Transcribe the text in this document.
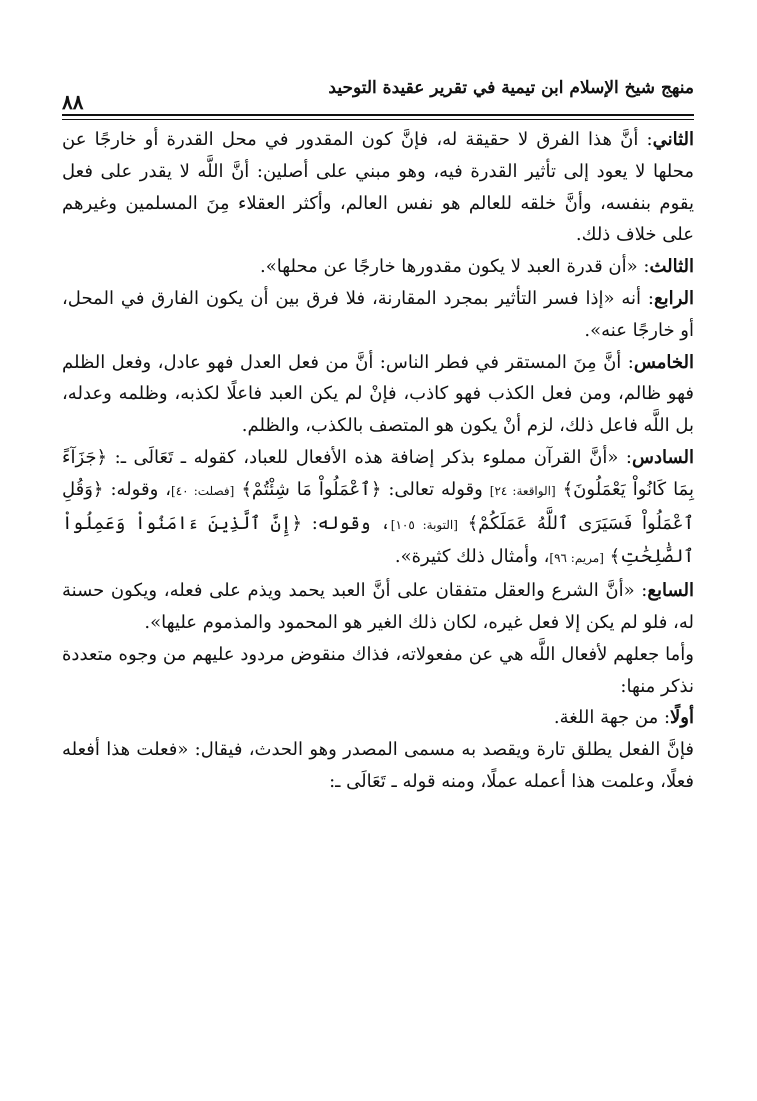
منهج شيخ الإسلام ابن تيمية في تقرير عقيدة التوحيد
٨٨

الثاني: أنَّ هذا الفرق لا حقيقة له، فإنَّ كون المقدور في محل القدرة أو خارجًا عن محلها لا يعود إلى تأثير القدرة فيه، وهو مبني على أصلين: أنَّ اللَّه لا يقدر على فعل يقوم بنفسه، وأنَّ خلقه للعالم هو نفس العالم، وأكثر العقلاء مِنَ المسلمين وغيرهم على خلاف ذلك.

الثالث: «أن قدرة العبد لا يكون مقدورها خارجًا عن محلها».

الرابع: أنه «إذا فسر التأثير بمجرد المقارنة، فلا فرق بين أن يكون الفارق في المحل، أو خارجًا عنه».

الخامس: أنَّ مِنَ المستقر في فطر الناس: أنَّ من فعل العدل فهو عادل، وفعل الظلم فهو ظالم، ومن فعل الكذب فهو كاذب، فإنْ لم يكن العبد فاعلًا لكذبه، وظلمه وعدله، بل اللَّه فاعل ذلك، لزم أنْ يكون هو المتصف بالكذب، والظلم.

السادس: «أنَّ القرآن مملوء بذكر إضافة هذه الأفعال للعباد، كقوله ـ تَعَالَى ـ: ﴿جَزَآءً بِمَا كَانُواْ يَعْمَلُونَ﴾ [الواقعة: ٢٤] وقوله تعالى: ﴿ٱعْمَلُواْ مَا شِئْتُمْ﴾ [فصلت: ٤٠]، وقوله: ﴿وَقُلِ ٱعْمَلُواْ فَسَيَرَى ٱللَّهُ عَمَلَكُمْ﴾ [التوبة: ١٠٥]، وقوله: ﴿إِنَّ ٱلَّذِينَ ءَامَنُواْ وَعَمِلُواْ ٱلصَّٰلِحَٰتِ﴾ [مريم: ٩٦]، وأمثال ذلك كثيرة».

السابع: «أنَّ الشرع والعقل متفقان على أنَّ العبد يحمد ويذم على فعله، ويكون حسنة له، فلو لم يكن إلا فعل غيره، لكان ذلك الغير هو المحمود والمذموم عليها».

وأما جعلهم لأفعال اللَّه هي عن مفعولاته، فذاك منقوض مردود عليهم من وجوه متعددة نذكر منها:

أولًا: من جهة اللغة.

فإنَّ الفعل يطلق تارة ويقصد به مسمى المصدر وهو الحدث، فيقال: «فعلت هذا أفعله فعلًا، وعلمت هذا أعمله عملًا، ومنه قوله ـ تَعَالَى ـ:
